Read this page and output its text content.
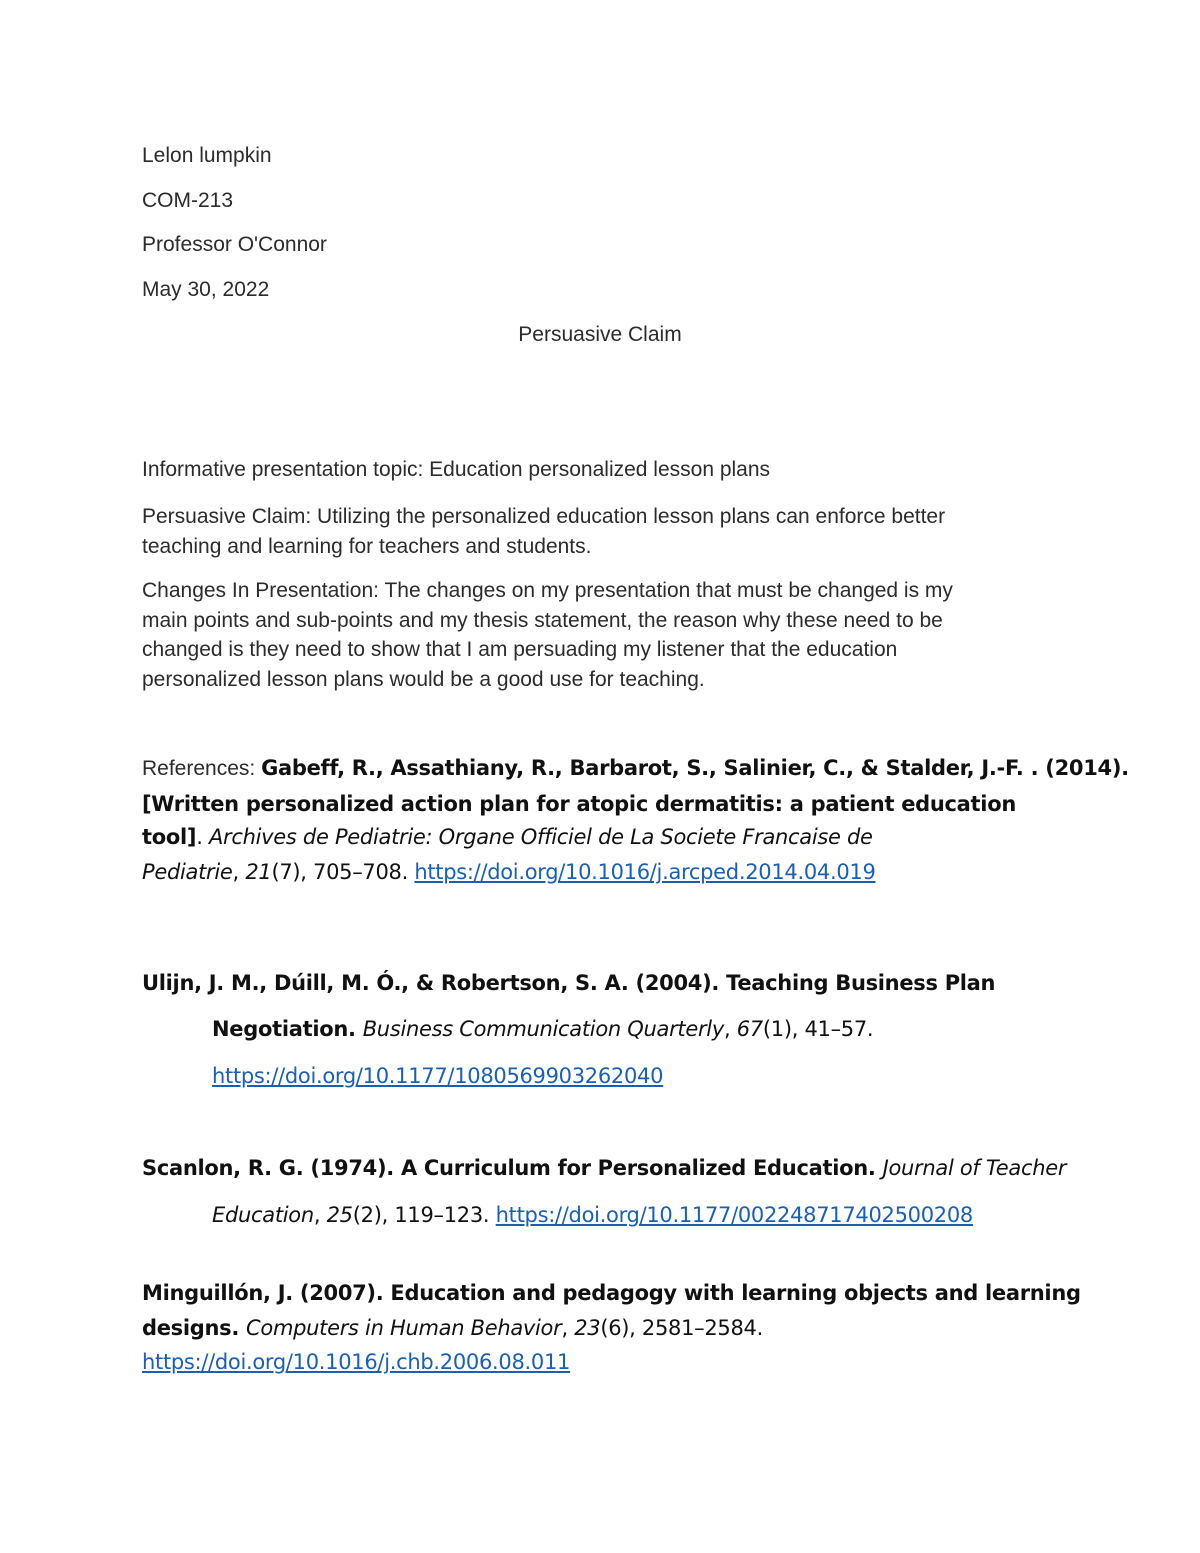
Lelon lumpkin

COM-213

Professor O'Connor

May 30, 2022

Persuasive Claim

Informative presentation topic: Education personalized lesson plans

Persuasive Claim: Utilizing the personalized education lesson plans can enforce better

teaching and learning for teachers and students.

Changes In Presentation: The changes on my presentation that must be changed is my

main points and sub-points and my thesis statement, the reason why these need to be

changed is they need to show that I am persuading my listener that the education

personalized lesson plans would be a good use for teaching.

References: Gabeff, R., Assathiany, R., Barbarot, S., Salinier, C., & Stalder, J.-F. . (2014).

[Written personalized action plan for atopic dermatitis: a patient education

tool]. Archives de Pediatrie: Organe Officiel de La Societe Francaise de

Pediatrie, 21(7), 705–708. https://doi.org/10.1016/j.arcped.2014.04.019

Ulijn, J. M., Dúill, M. Ó., & Robertson, S. A. (2004). Teaching Business Plan

Negotiation. Business Communication Quarterly, 67(1), 41–57.

https://doi.org/10.1177/1080569903262040

Scanlon, R. G. (1974). A Curriculum for Personalized Education. Journal of Teacher

Education, 25(2), 119–123. https://doi.org/10.1177/002248717402500208

Minguillón, J. (2007). Education and pedagogy with learning objects and learning

designs. Computers in Human Behavior, 23(6), 2581–2584.

https://doi.org/10.1016/j.chb.2006.08.011
